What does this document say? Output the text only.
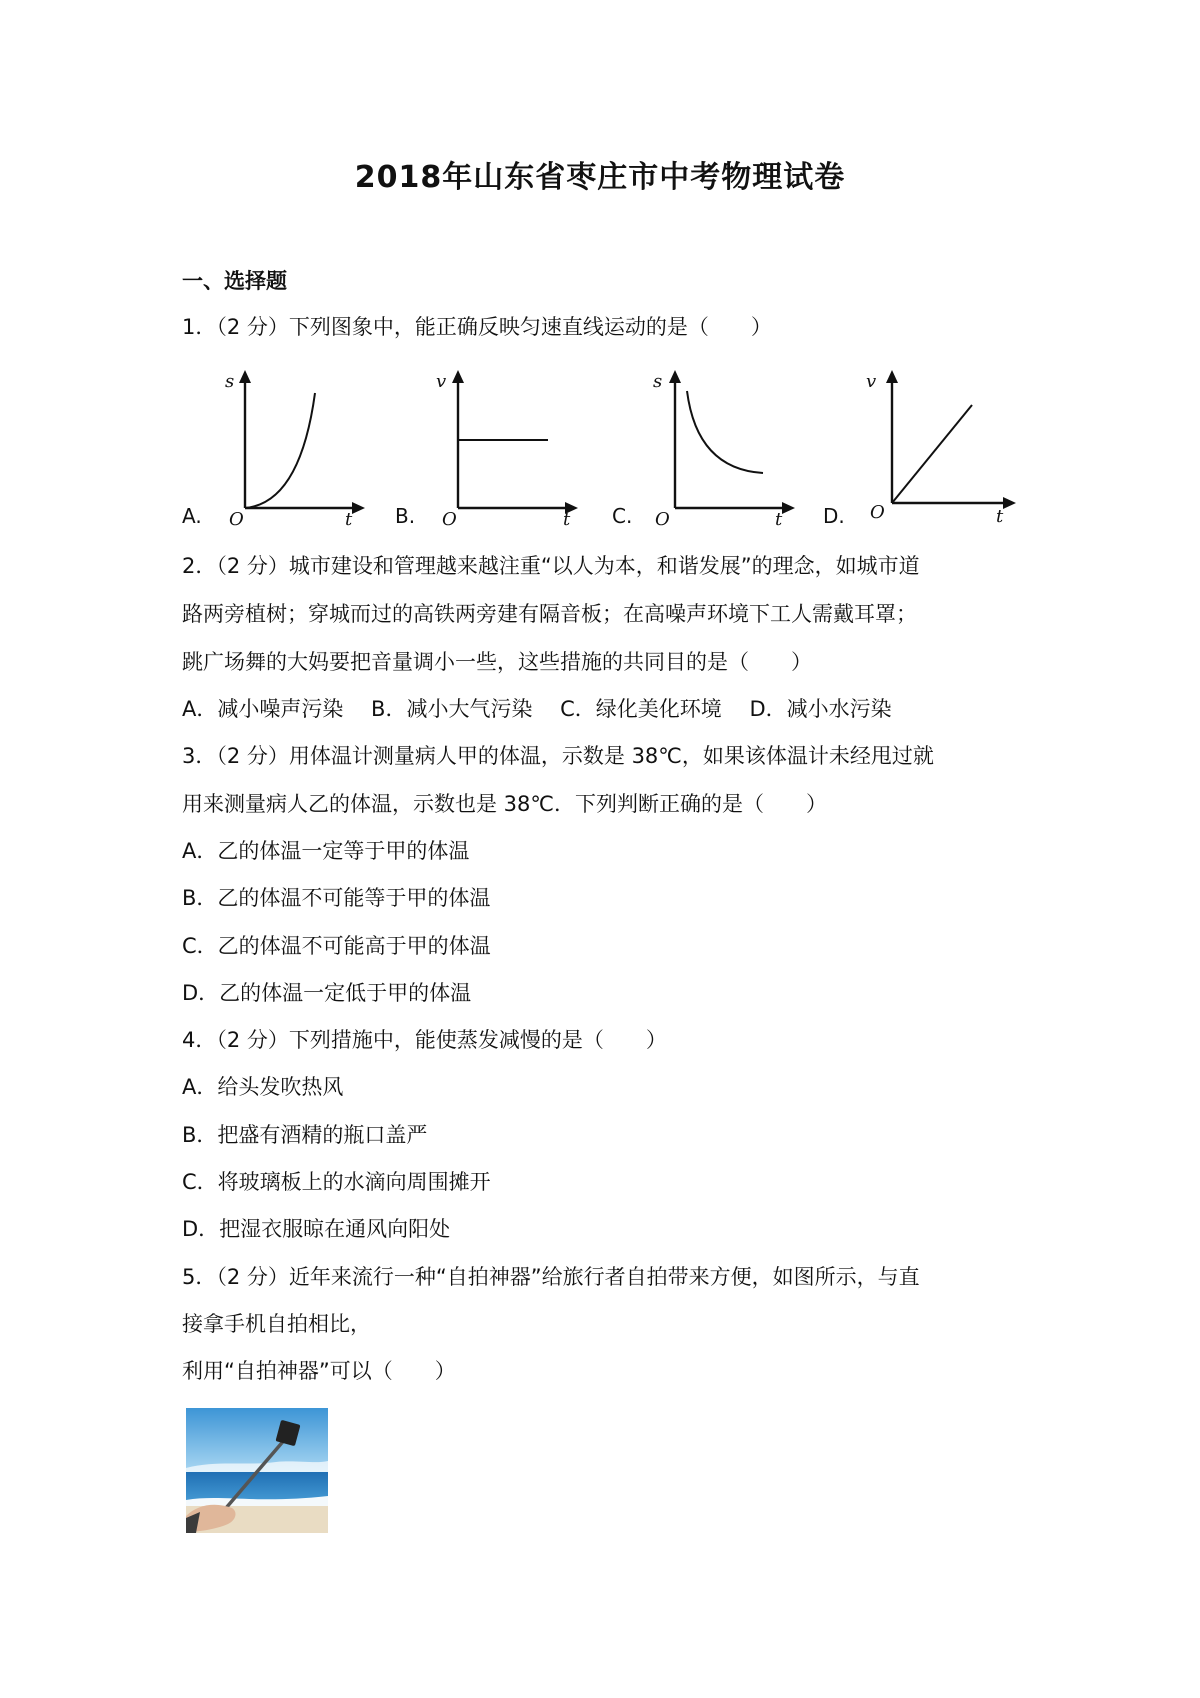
2018年山东省枣庄市中考物理试卷
一、选择题
1．（2 分）下列图象中，能正确反映匀速直线运动的是（　　）
A.
s
O	t B.
v
O	t C.
s
O	t D.
v
O	t
2．（2 分）城市建设和管理越来越注重“以人为本，和谐发展”的理念，如城市道
路两旁植树；穿城而过的高铁两旁建有隔音板；在高噪声环境下工人需戴耳罩；
跳广场舞的大妈要把音量调小一些，这些措施的共同目的是（　　）
A．减小噪声污染　 B．减小大气污染　 C．绿化美化环境　 D．减小水污染
3．（2 分）用体温计测量病人甲的体温，示数是 38℃，如果该体温计未经甩过就
用来测量病人乙的体温，示数也是 38℃．下列判断正确的是（　　）
A．乙的体温一定等于甲的体温
B．乙的体温不可能等于甲的体温
C．乙的体温不可能高于甲的体温
D．乙的体温一定低于甲的体温
4．（2 分）下列措施中，能使蒸发减慢的是（　　）
A．给头发吹热风
B．把盛有酒精的瓶口盖严
C．将玻璃板上的水滴向周围摊开
D．把湿衣服晾在通风向阳处
5．（2 分）近年来流行一种“自拍神器”给旅行者自拍带来方便，如图所示，与直
接拿手机自拍相比，
利用“自拍神器”可以（　　）
